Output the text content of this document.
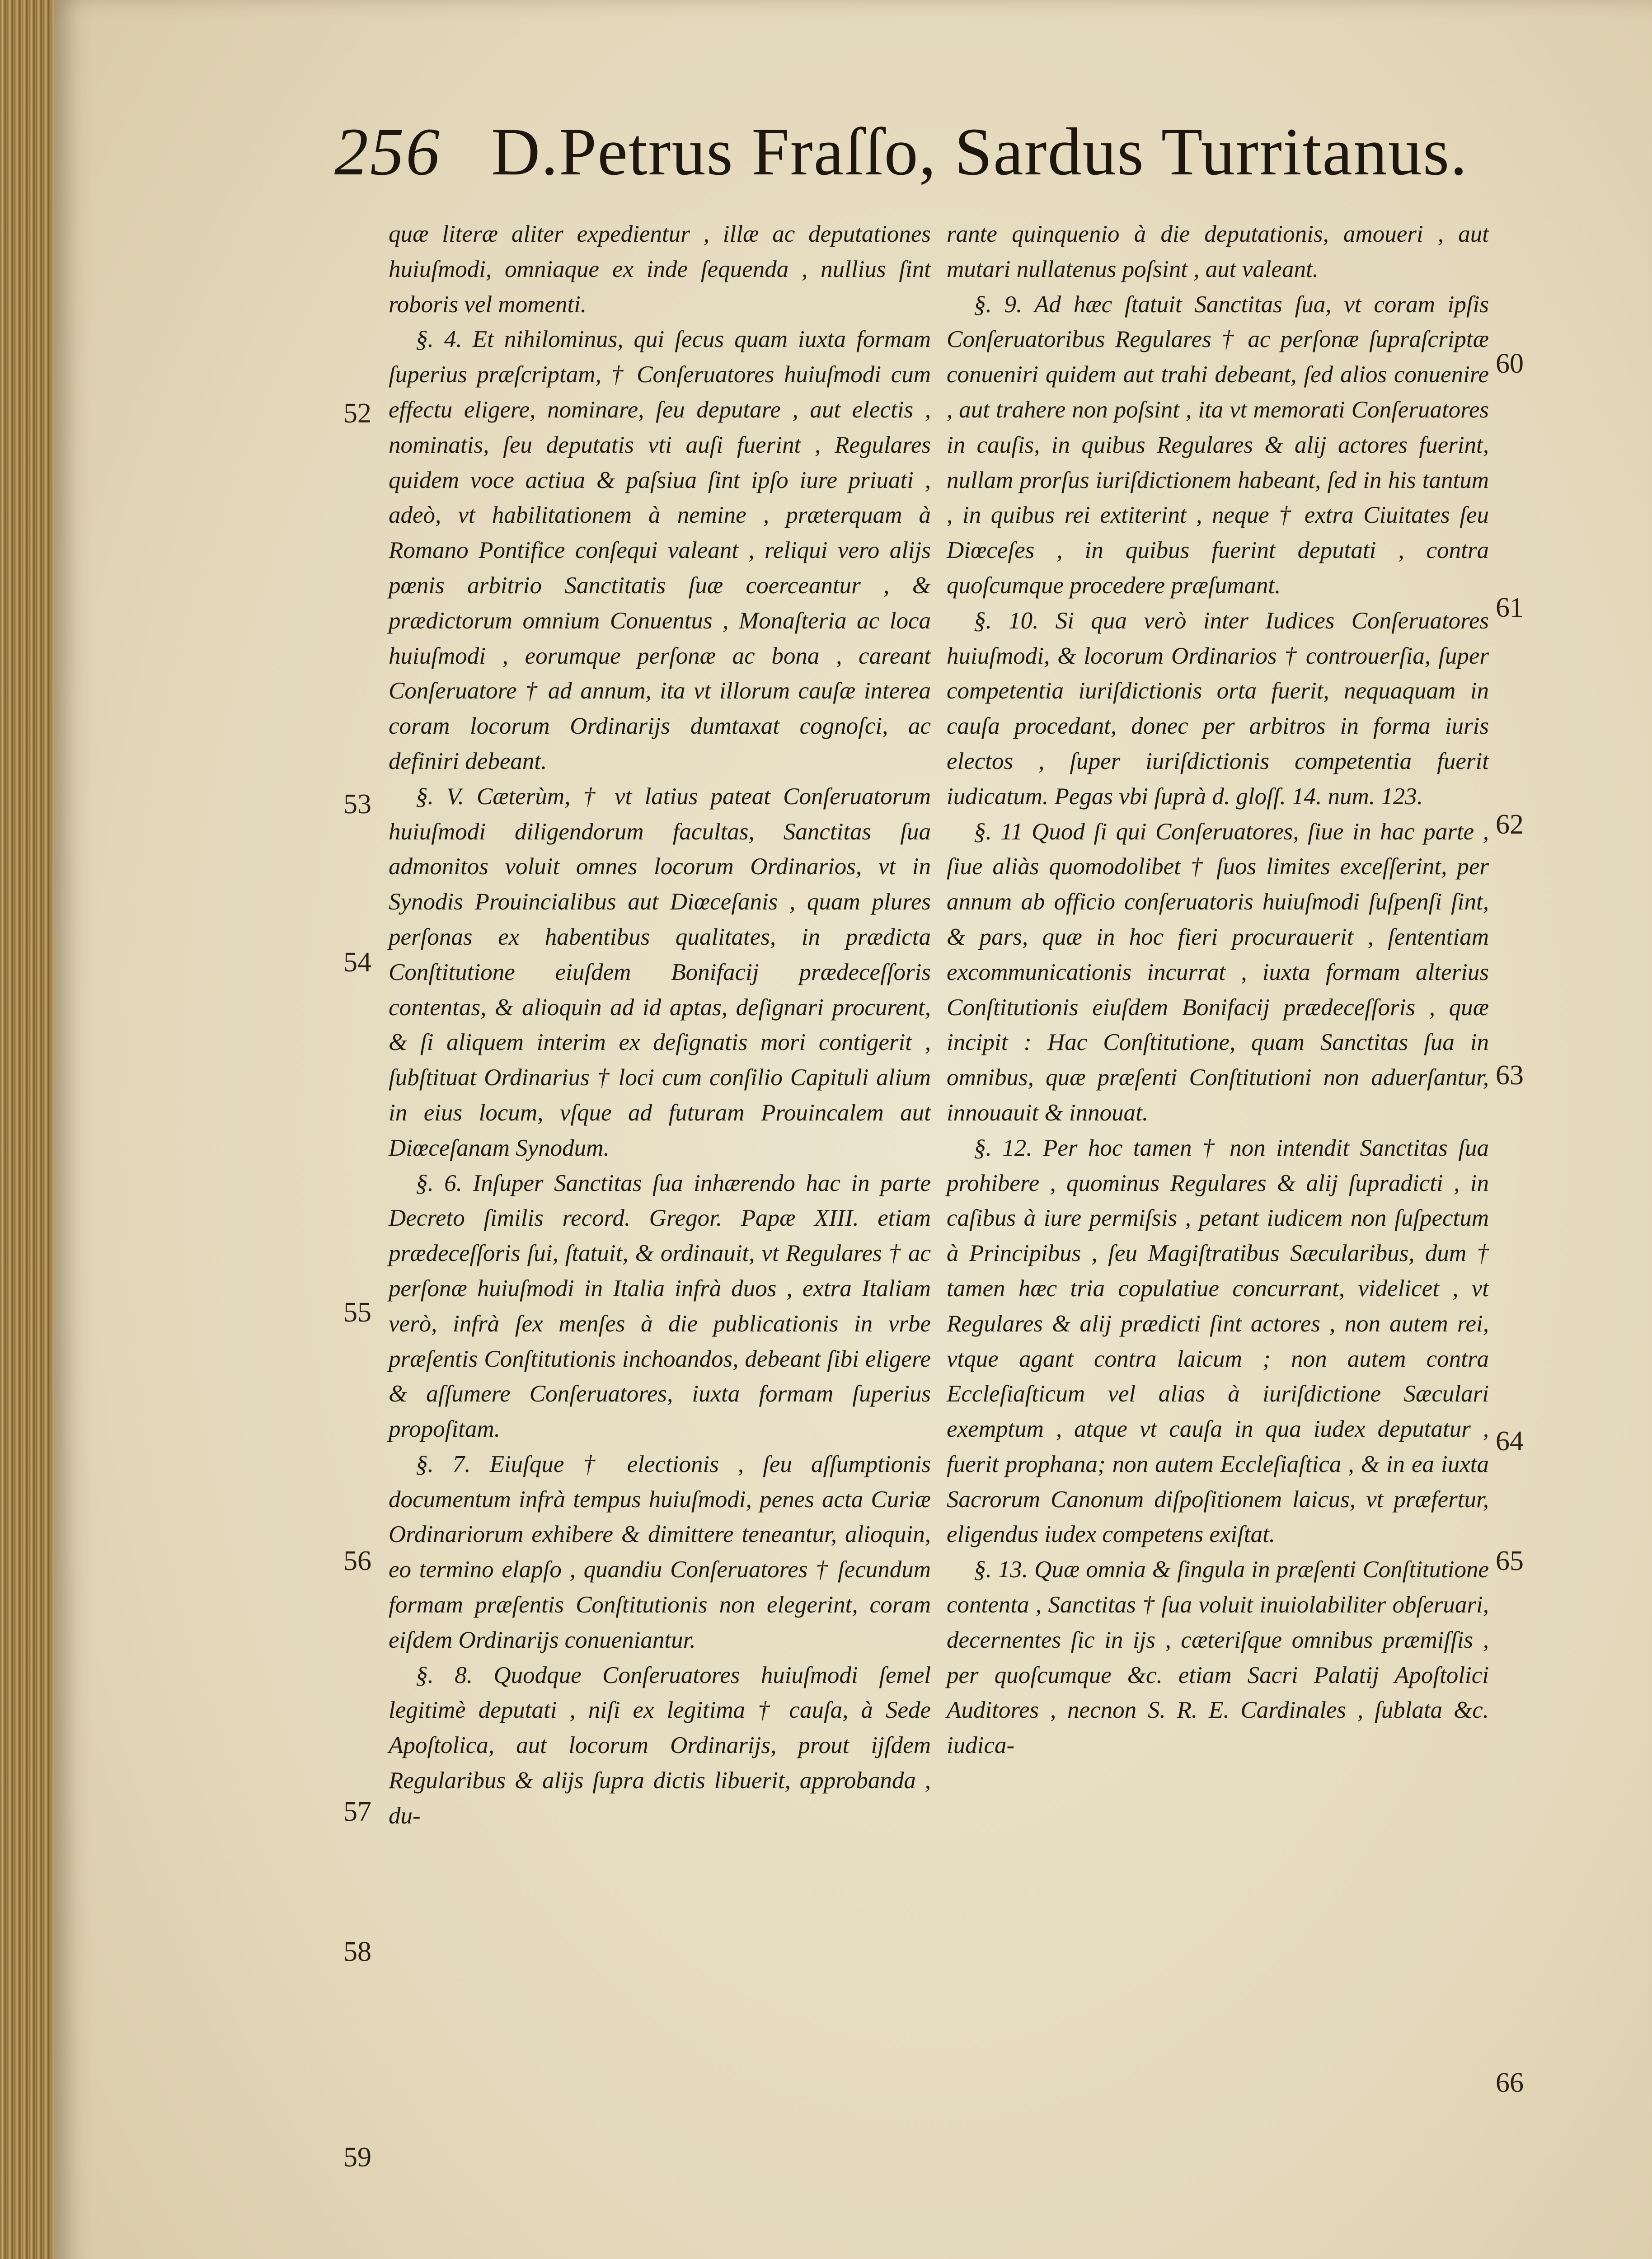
256 D.Petrus Fraſſo, Sardus Turritanus.

quæ literæ aliter expedientur , illæ ac deputationes huiuſmodi, omniaque ex inde ſequenda , nullius ſint roboris vel momenti.

§. 4. Et nihilominus, qui ſecus quam iuxta formam ſuperius præſcriptam, † Conſeruatores huiuſmodi cum effectu eligere, nominare, ſeu deputare , aut electis , nominatis, ſeu deputatis vti auſi fuerint , Regulares quidem voce actiua & paſsiua ſint ipſo iure priuati , adeò, vt habilitationem à nemine , præterquam à Romano Pontifice conſequi valeant , reliqui vero alijs pœnis arbitrio Sanctitatis ſuæ coerceantur , & prædictorum omnium Conuentus , Monaſteria ac loca huiuſmodi , eorumque perſonæ ac bona , careant Conſeruatore † ad annum, ita vt illorum cauſæ interea coram locorum Ordinarijs dumtaxat cognoſci, ac definiri debeant.

§. V. Cæterùm, † vt latius pateat Conſeruatorum huiuſmodi diligendorum facultas, Sanctitas ſua admonitos voluit omnes locorum Ordinarios, vt in Synodis Prouincialibus aut Diœceſanis , quam plures perſonas ex habentibus qualitates, in prædicta Conſtitutione eiuſdem Bonifacij prædeceſſoris contentas, & alioquin ad id aptas, deſignari procurent, & ſi aliquem interim ex deſignatis mori contigerit , ſubſtituat Ordinarius † loci cum conſilio Capituli alium in eius locum, vſque ad futuram Prouincalem aut Diœceſanam Synodum.

§. 6. Inſuper Sanctitas ſua inhærendo hac in parte Decreto ſimilis record. Gregor. Papæ XIII. etiam prædeceſſoris ſui, ſtatuit, & ordinauit, vt Regulares † ac perſonæ huiuſmodi in Italia infrà duos , extra Italiam verò, infrà ſex menſes à die publicationis in vrbe præſentis Conſtitutionis inchoandos, debeant ſibi eligere & aſſumere Conſeruatores, iuxta formam ſuperius propoſitam.

§. 7. Eiuſque † electionis , ſeu aſſumptionis documentum infrà tempus huiuſmodi, penes acta Curiæ Ordinariorum exhibere & dimittere teneantur, alioquin, eo termino elapſo , quandiu Conſeruatores † ſecundum formam præſentis Conſtitutionis non elegerint, coram eiſdem Ordinarijs conueniantur.

§. 8. Quodque Conſeruatores huiuſmodi ſemel legitimè deputati , niſi ex legitima † cauſa, à Sede Apoſtolica, aut locorum Ordinarijs, prout ijſdem Regularibus & alijs ſupra dictis libuerit, approbanda , du-

rante quinquenio à die deputationis, amoueri , aut mutari nullatenus poſsint , aut valeant.

§. 9. Ad hæc ſtatuit Sanctitas ſua, vt coram ipſis Conſeruatoribus Regulares † ac perſonæ ſupraſcriptæ conueniri quidem aut trahi debeant, ſed alios conuenire , aut trahere non poſsint , ita vt memorati Conſeruatores in cauſis, in quibus Regulares & alij actores fuerint, nullam prorſus iuriſdictionem habeant, ſed in his tantum , in quibus rei extiterint , neque † extra Ciuitates ſeu Diœceſes , in quibus fuerint deputati , contra quoſcumque procedere præſumant.

§. 10. Si qua verò inter Iudices Conſeruatores huiuſmodi, & locorum Ordinarios † controuerſia, ſuper competentia iuriſdictionis orta fuerit, nequaquam in cauſa procedant, donec per arbitros in forma iuris electos , ſuper iuriſdictionis competentia fuerit iudicatum. Pegas vbi ſuprà d. gloſſ. 14. num. 123.

§. 11 Quod ſi qui Conſeruatores, ſiue in hac parte , ſiue aliàs quomodolibet † ſuos limites exceſſerint, per annum ab officio conſeruatoris huiuſmodi ſuſpenſi ſint, & pars, quæ in hoc fieri procurauerit , ſententiam excommunicationis incurrat , iuxta formam alterius Conſtitutionis eiuſdem Bonifacij prædeceſſoris , quæ incipit : Hac Conſtitutione, quam Sanctitas ſua in omnibus, quæ præſenti Conſtitutioni non aduerſantur, innouauit & innouat.

§. 12. Per hoc tamen † non intendit Sanctitas ſua prohibere , quominus Regulares & alij ſupradicti , in caſibus à iure permiſsis , petant iudicem non ſuſpectum à Principibus , ſeu Magiſtratibus Sæcularibus, dum † tamen hæc tria copulatiue concurrant, videlicet , vt Regulares & alij prædicti ſint actores , non autem rei, vtque agant contra laicum ; non autem contra Eccleſiaſticum vel alias à iuriſdictione Sæculari exemptum , atque vt cauſa in qua iudex deputatur , fuerit prophana; non autem Eccleſiaſtica , & in ea iuxta Sacrorum Canonum diſpoſitionem laicus, vt præfertur, eligendus iudex competens exiſtat.

§. 13. Quæ omnia & ſingula in præſenti Conſtitutione contenta , Sanctitas † ſua voluit inuiolabiliter obſeruari, decernentes ſic in ijs , cæteriſque omnibus præmiſſis , per quoſcumque &c. etiam Sacri Palatij Apoſtolici Auditores , necnon S. R. E. Cardinales , ſublata &c. iudica-

52
53
54
55
56
57
58
59
60
61
62
63
64
65
66
